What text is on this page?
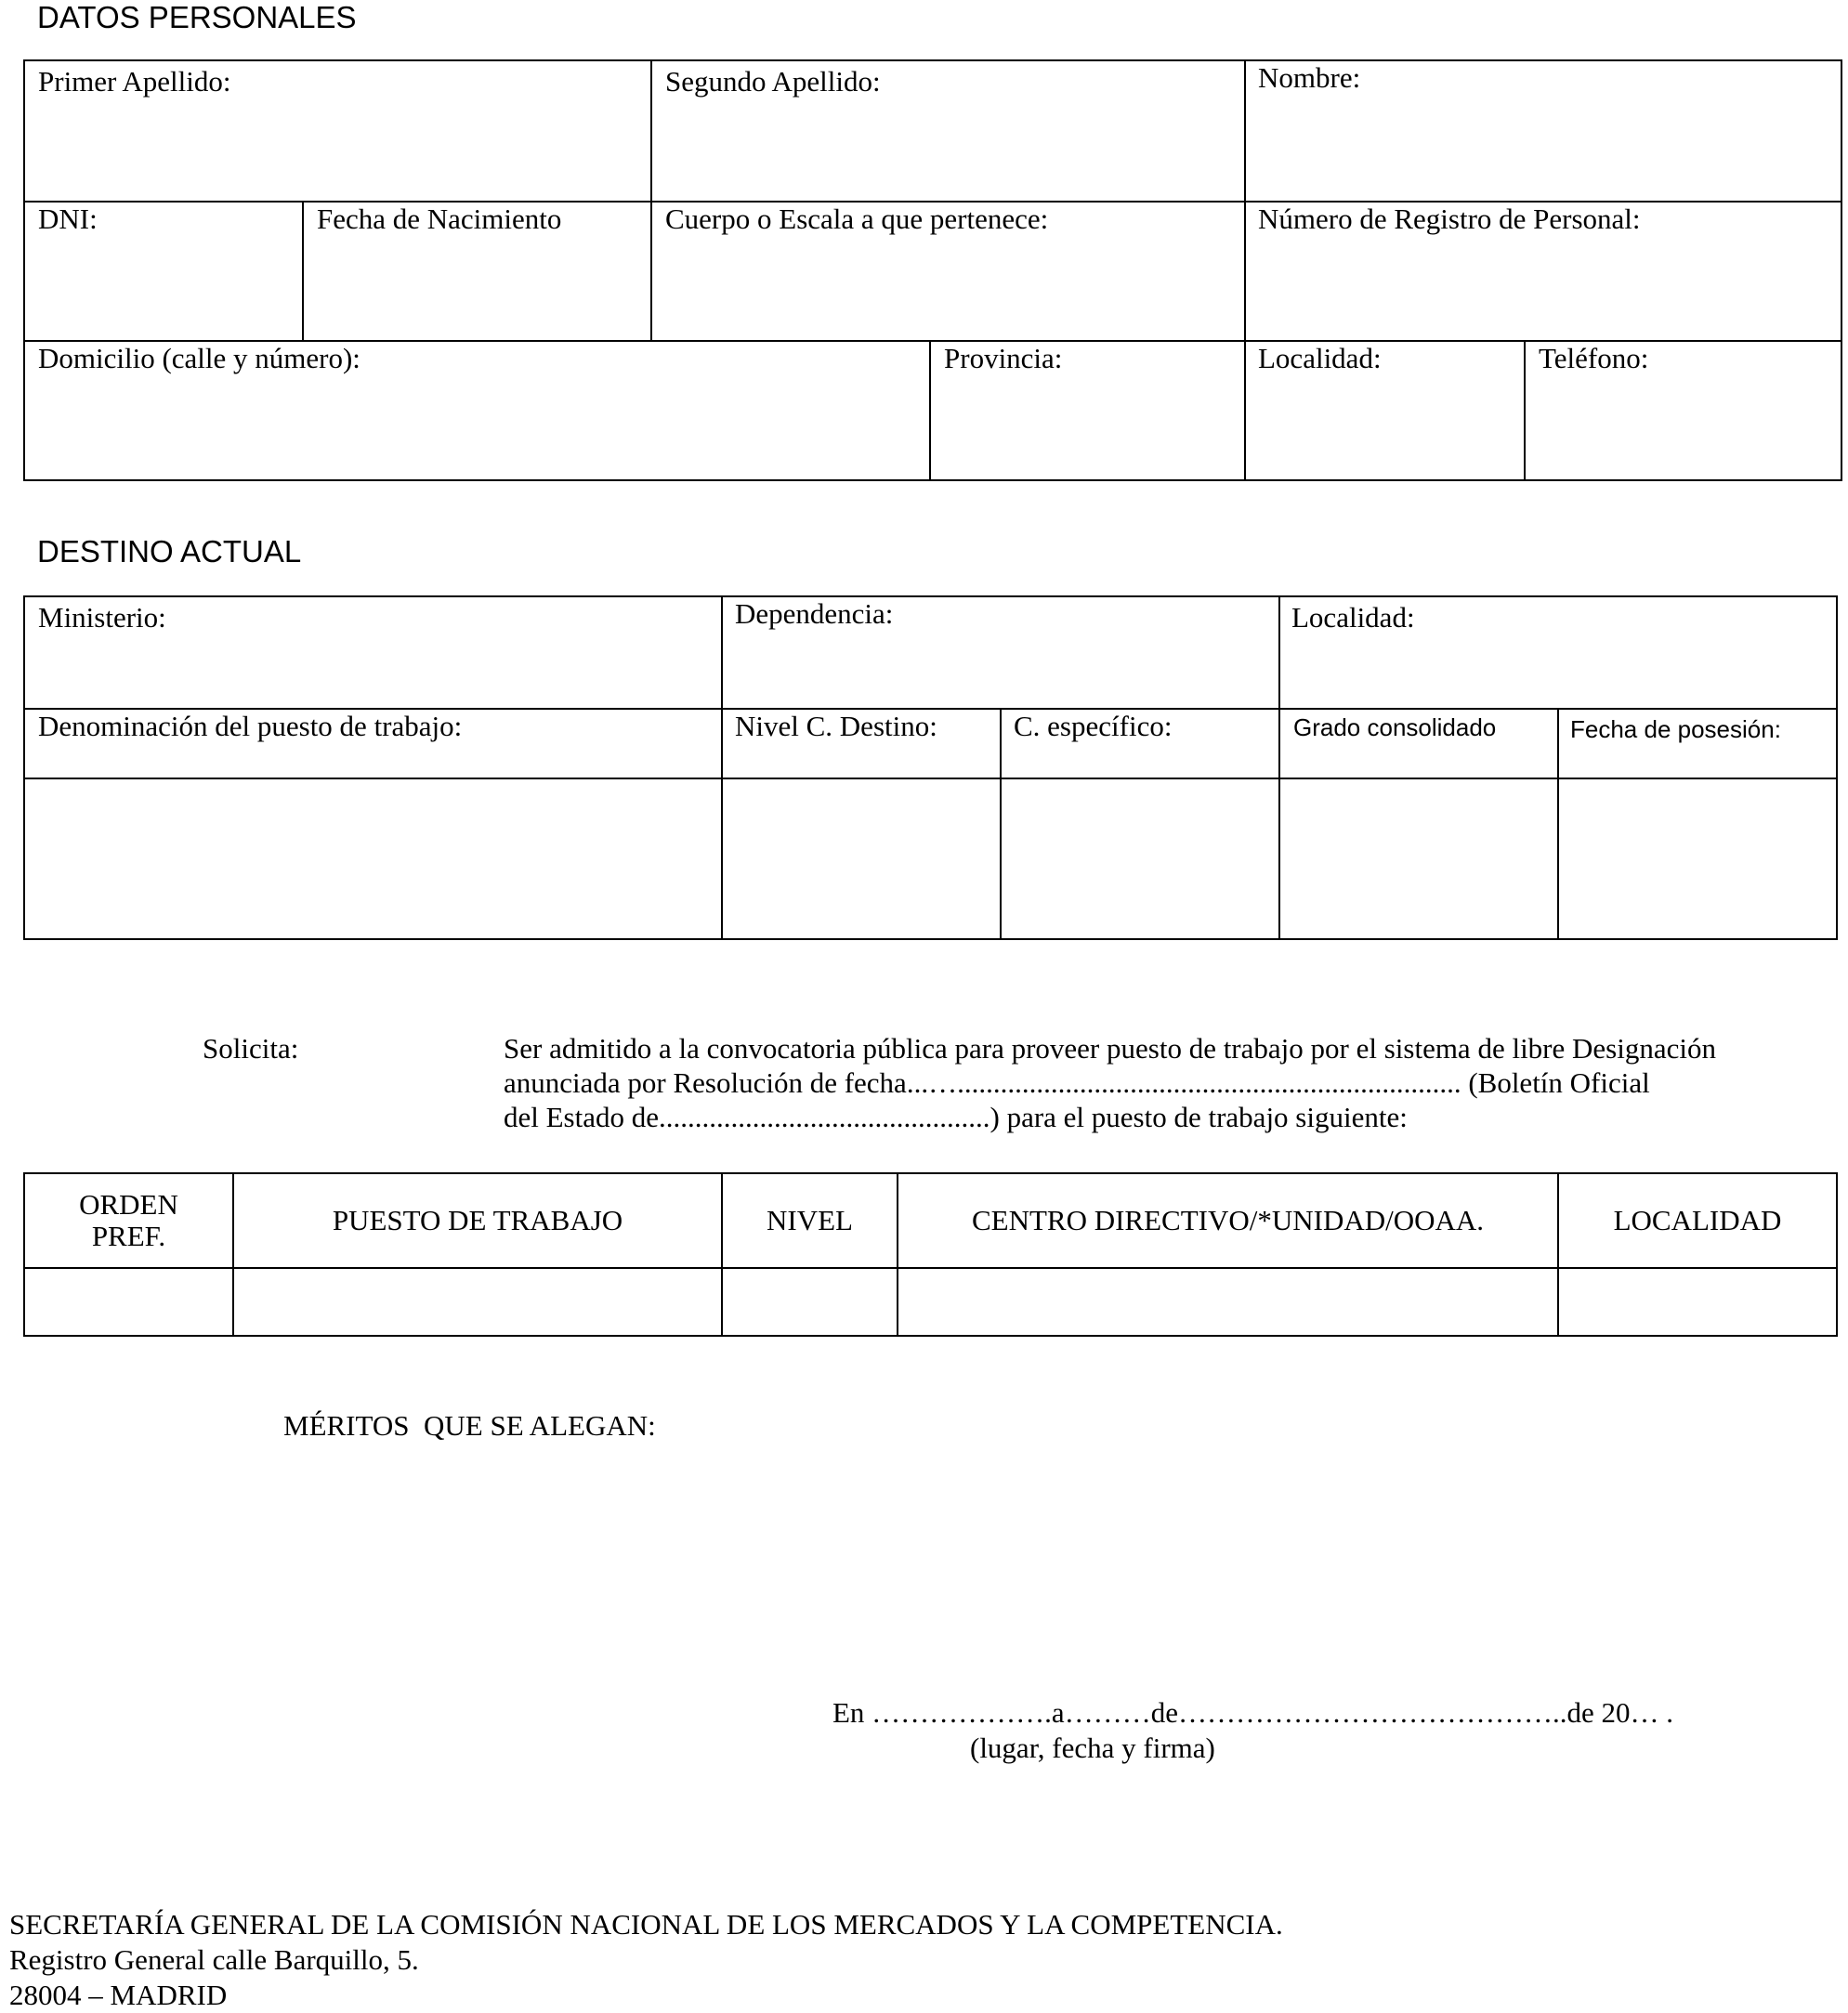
DATOS PERSONALES
Primer Apellido:	Segundo Apellido:	Nombre:
DNI:	Fecha de Nacimiento	Cuerpo o Escala a que pertenece:	Número de Registro de Personal:
Domicilio (calle y número):	Provincia:	Localidad:	Teléfono:
DESTINO ACTUAL
Ministerio:	Dependencia:	Localidad:
Denominación del puesto de trabajo:	Nivel C. Destino:	C. específico:	Grado consolidado	Fecha de posesión:
Solicita:	Ser admitido a la convocatoria pública para proveer puesto de trabajo por el sistema de libre Designación
anunciada por Resolución de fecha...…...................................................................... (Boletín Oficial
del Estado de..............................................) para el puesto de trabajo siguiente:
ORDEN
PREF.	PUESTO DE TRABAJO	NIVEL	CENTRO DIRECTIVO/*UNIDAD/OOAA.	LOCALIDAD
MÉRITOS  QUE SE ALEGAN:
En ……………….a………de…………………………………..de 20… .
(lugar, fecha y firma)
SECRETARÍA GENERAL DE LA COMISIÓN NACIONAL DE LOS MERCADOS Y LA COMPETENCIA.
Registro General calle Barquillo, 5.
28004 – MADRID
